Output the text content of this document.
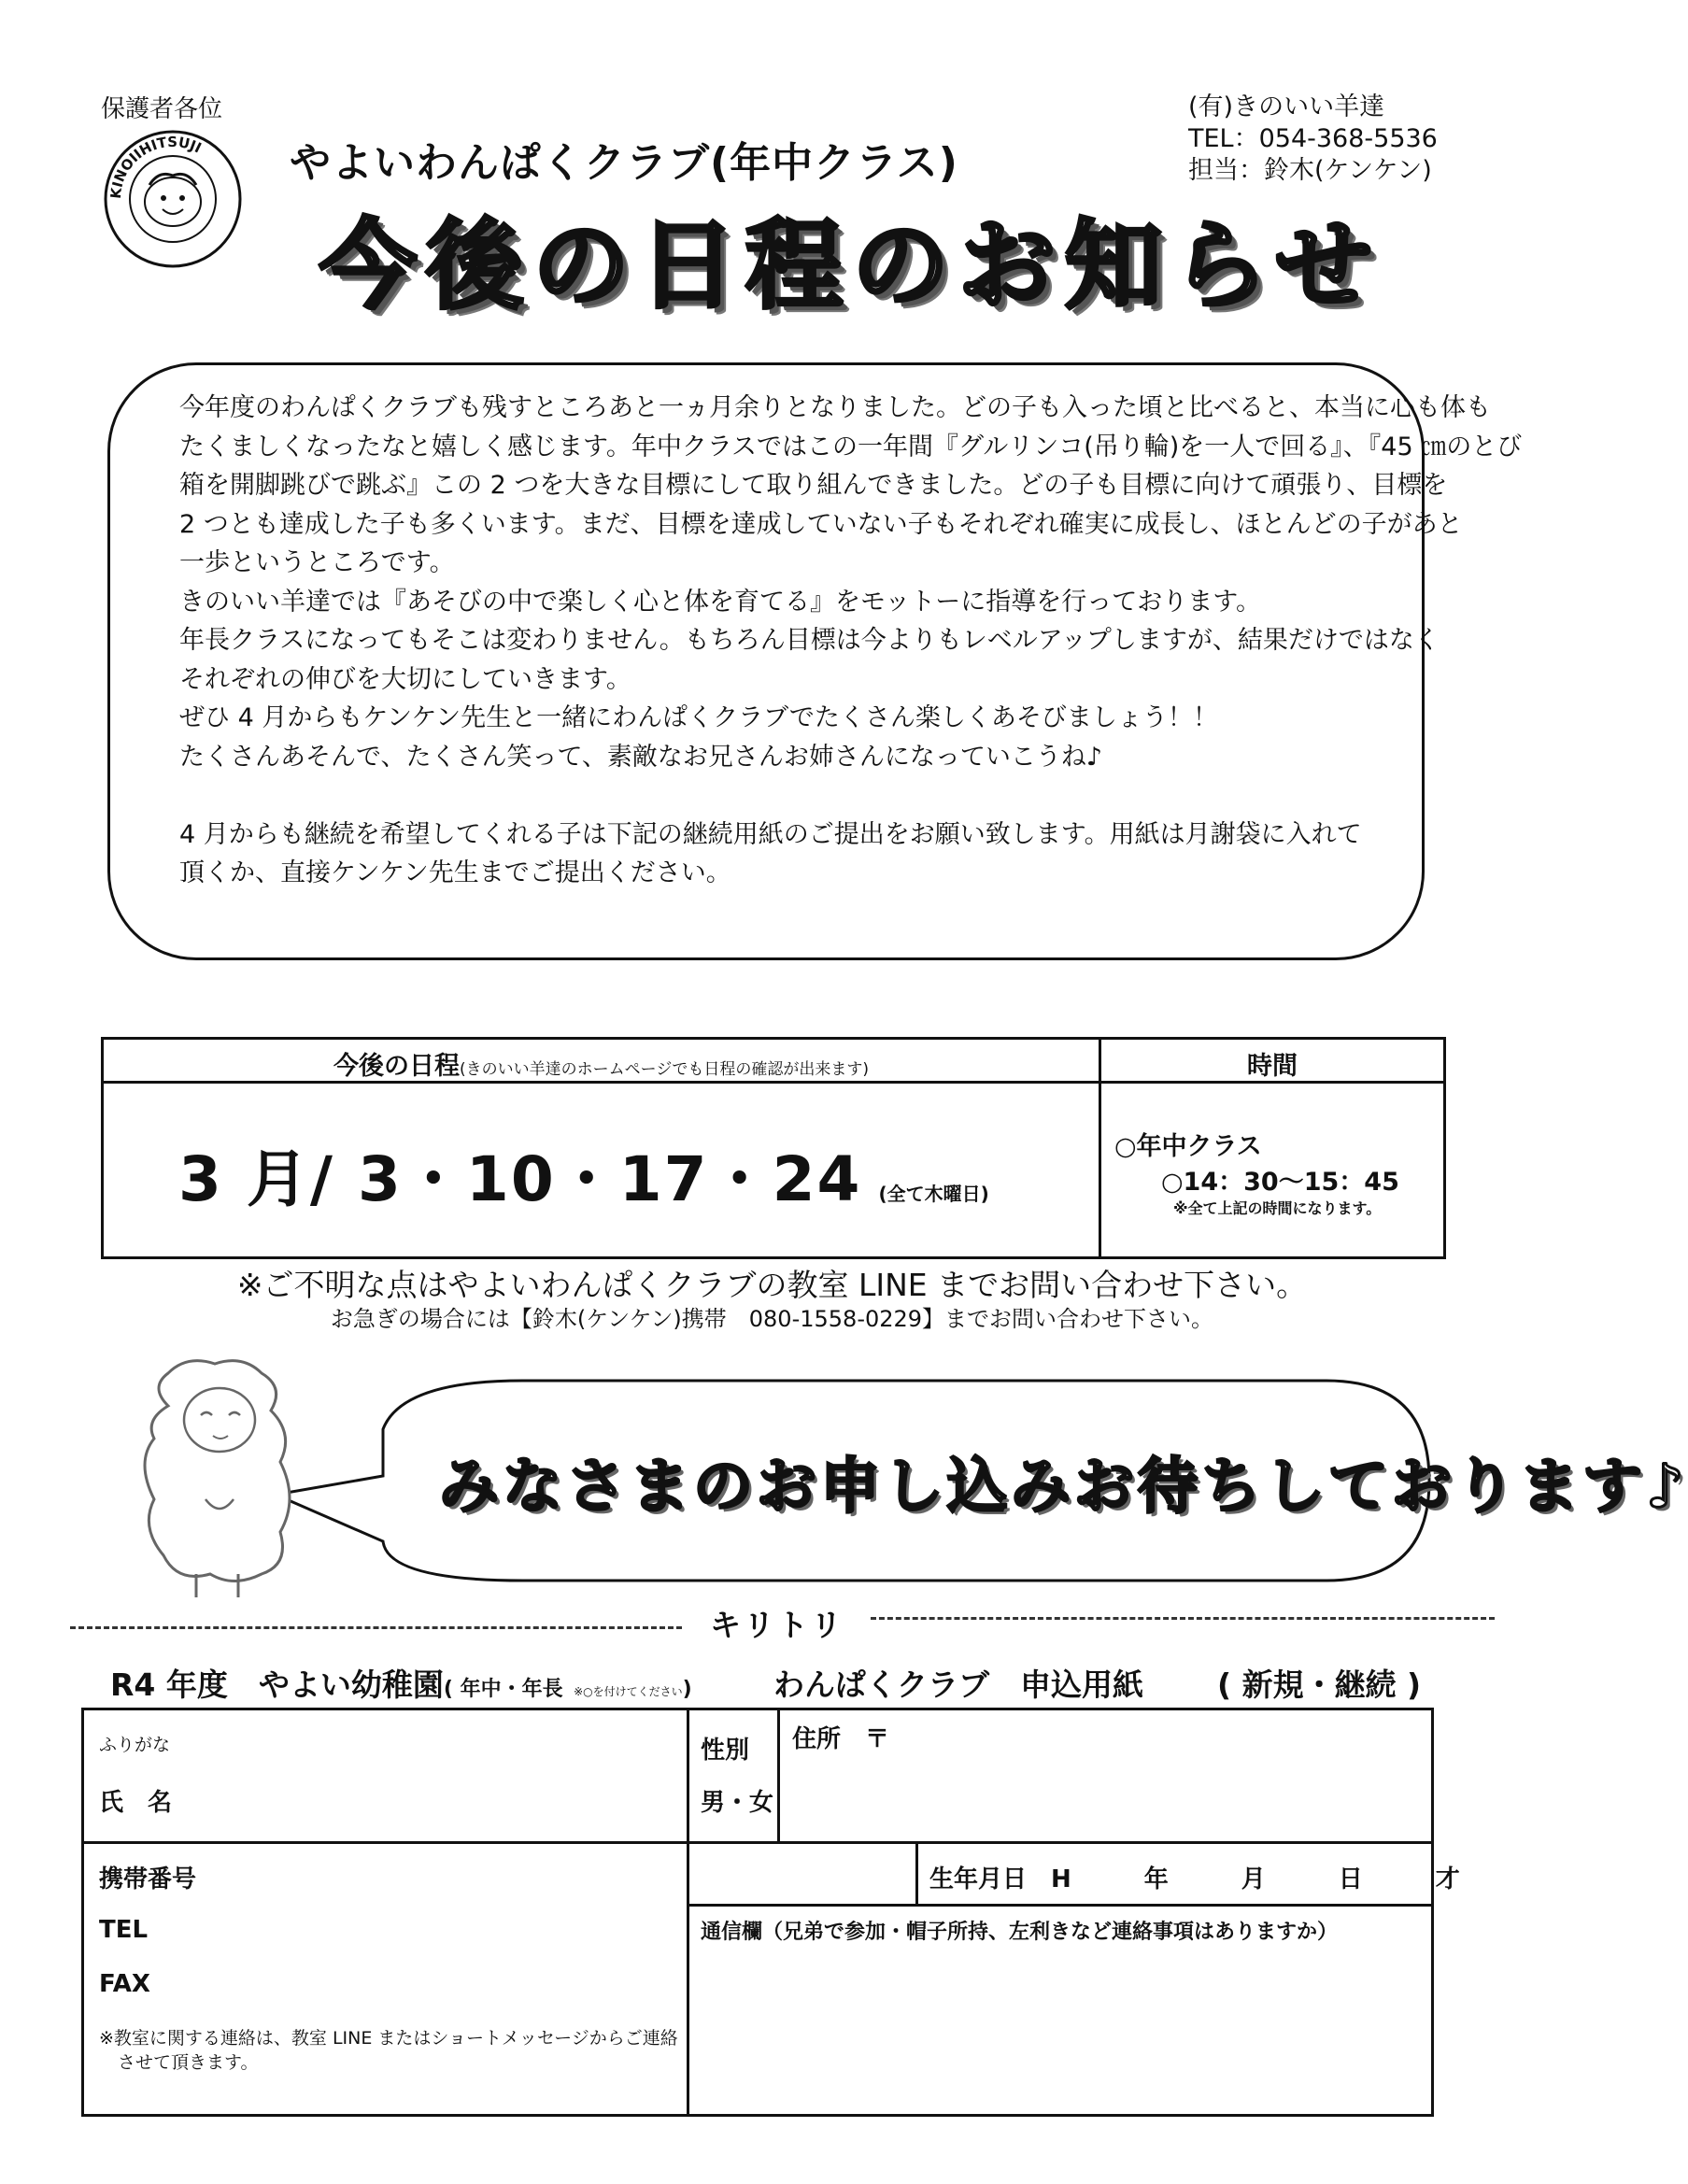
保護者各位
KINOIIHITSUJI やよいわんぱくクラブ(年中クラス)
今後の日程のお知らせ
(有)きのいい羊達
TEL：054-368-5536
担当：鈴木(ケンケン)

今年度のわんぱくクラブも残すところあと一ヵ月余りとなりました。どの子も入った頃と比べると、本当に心も体も

たくましくなったなと嬉しく感じます。年中クラスではこの一年間『グルリンコ(吊り輪)を一人で回る』、『45 ㎝のとび

箱を開脚跳びで跳ぶ』この 2 つを大きな目標にして取り組んできました。どの子も目標に向けて頑張り、目標を

2 つとも達成した子も多くいます。まだ、目標を達成していない子もそれぞれ確実に成長し、ほとんどの子があと

一歩というところです。

きのいい羊達では『あそびの中で楽しく心と体を育てる』をモットーに指導を行っております。

年長クラスになってもそこは変わりません。もちろん目標は今よりもレベルアップしますが、結果だけではなく

それぞれの伸びを大切にしていきます。

ぜひ 4 月からもケンケン先生と一緒にわんぱくクラブでたくさん楽しくあそびましょう！！

たくさんあそんで、たくさん笑って、素敵なお兄さんお姉さんになっていこうね♪

4 月からも継続を希望してくれる子は下記の継続用紙のご提出をお願い致します。用紙は月謝袋に入れて

頂くか、直接ケンケン先生までご提出ください。

今後の日程(きのいい羊達のホームページでも日程の確認が出来ます)	時間
3 月/ 3・10・17・24 (全て木曜日)
○年中クラス
○14：30～15：45
※全て上記の時間になります。
※ご不明な点はやよいわんぱくクラブの教室 LINE までお問い合わせ下さい。
お急ぎの場合には【鈴木(ケンケン)携帯　080-1558-0229】までお問い合わせ下さい。
みなさまのお申し込みお待ちしております♪
キリトリ
R4 年度　やよい幼稚園( 年中・年長 ※○を付けてください)	わんぱくクラブ　申込用紙 ( 新規・継続 )
ふりがな
氏　名
性別
男・女
住所　〒
携帯番号
TEL
FAX
※教室に関する連絡は、教室 LINE またはショートメッセージからご連絡
させて頂きます。
生年月日　H　　　年　　　月　　　日　　　才
通信欄（兄弟で参加・帽子所持、左利きなど連絡事項はありますか）
